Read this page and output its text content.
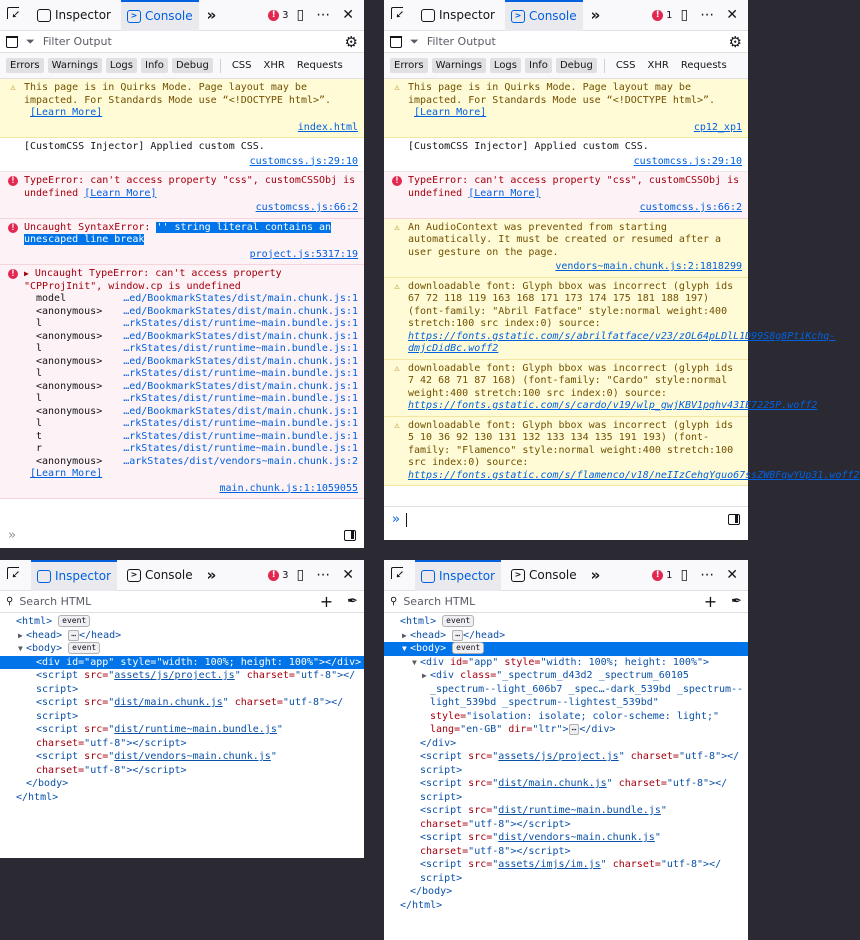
➚
Inspector	> Console »	! 3 ▯ ⋯ ✕
⏷ Filter Output	⚙
Errors	Warnings	Logs	Info	Debug	CSS	XHR	Requests
⚠ This page is in Quirks Mode. Page layout may be impacted. For Standards Mode use “<!DOCTYPE html>”. [Learn More]
index.html
[CustomCSS Injector] Applied custom CSS.
customcss.js:29:10
! TypeError: can't access property "css", customCSSObj is undefined [Learn More]
customcss.js:66:2
! Uncaught SyntaxError: '' string literal contains an unescaped line break
project.js:5317:19
! ▶ Uncaught TypeError: can't access property "CPProjInit", window.cp is undefined
model	…ed/BookmarkStates/dist/main.chunk.js:1
<anonymous>	…ed/BookmarkStates/dist/main.chunk.js:1
l	…rkStates/dist/runtime~main.bundle.js:1
<anonymous>	…ed/BookmarkStates/dist/main.chunk.js:1
l	…rkStates/dist/runtime~main.bundle.js:1
<anonymous>	…ed/BookmarkStates/dist/main.chunk.js:1
l	…rkStates/dist/runtime~main.bundle.js:1
<anonymous>	…ed/BookmarkStates/dist/main.chunk.js:1
l	…rkStates/dist/runtime~main.bundle.js:1
<anonymous>	…ed/BookmarkStates/dist/main.chunk.js:1
l	…rkStates/dist/runtime~main.bundle.js:1
t	…rkStates/dist/runtime~main.bundle.js:1
r	…rkStates/dist/runtime~main.bundle.js:1
<anonymous>	…arkStates/dist/vendors~main.chunk.js:2
[Learn More]
main.chunk.js:1:1059055
»
➚
Inspector	> Console »	! 1 ▯ ⋯ ✕
⏷ Filter Output	⚙
Errors	Warnings	Logs	Info	Debug	CSS	XHR	Requests
⚠ This page is in Quirks Mode. Page layout may be impacted. For Standards Mode use “<!DOCTYPE html>”. [Learn More]
cp12_xp1
[CustomCSS Injector] Applied custom CSS.
customcss.js:29:10
! TypeError: can't access property "css", customCSSObj is undefined [Learn More]
customcss.js:66:2
⚠ An AudioContext was prevented from starting automatically. It must be created or resumed after a user gesture on the page.
vendors~main.chunk.js:2:1818299
⚠ downloadable font: Glyph bbox was incorrect (glyph ids 67 72 118 119 163 168 171 173 174 175 181 188 197) (font-family: "Abril Fatface" style:normal weight:400 stretch:100 src index:0) source: https://fonts.gstatic.com/s/abrilfatface/v23/zOL64pLDlL1D99S8g8PtiKchq-dmjcDidBc.woff2
⚠ downloadable font: Glyph bbox was incorrect (glyph ids 7 42 68 71 87 168) (font-family: "Cardo" style:normal weight:400 stretch:100 src index:0) source: https://fonts.gstatic.com/s/cardo/v19/wlp_gwjKBV1pqhv43IE7225P.woff2
⚠ downloadable font: Glyph bbox was incorrect (glyph ids 5 10 36 92 130 131 132 133 134 135 191 193) (font-family: "Flamenco" style:normal weight:400 stretch:100 src index:0) source: https://fonts.gstatic.com/s/flamenco/v18/neIIzCehqYguo67ssZWBFqwYUp31.woff2
»
➚
Inspector	> Console »	! 3 ▯ ⋯ ✕
⚲ Search HTML	+ ✒
<html> event
▶ <head> ⋯ </head>
▼ <body> event
<div id="app" style="width: 100%; height: 100%"></div>
<script src="assets/js/project.js" charset="utf-8"></
script>
<script src="dist/main.chunk.js" charset="utf-8"></
script>
<script src="dist/runtime~main.bundle.js"
charset="utf-8"></script>
<script src="dist/vendors~main.chunk.js"
charset="utf-8"></script>
</body>
</html>
➚
Inspector	> Console »	! 1 ▯ ⋯ ✕
⚲ Search HTML	+ ✒
<html> event
▶ <head> ⋯ </head>
▼ <body> event
▼ <div id="app" style="width: 100%; height: 100%">
▶ <div class="_spectrum_d43d2 _spectrum_60105
_spectrum--light_606b7 _spec…-dark_539bd _spectrum--
light_539bd _spectrum--lightest_539bd"
style="isolation: isolate; color-scheme: light;"
lang="en-GB" dir="ltr"> ⋯ </div>
</div>
<script src="assets/js/project.js" charset="utf-8"></
script>
<script src="dist/main.chunk.js" charset="utf-8"></
script>
<script src="dist/runtime~main.bundle.js"
charset="utf-8"></script>
<script src="dist/vendors~main.chunk.js"
charset="utf-8"></script>
<script src="assets/imjs/im.js" charset="utf-8"></
script>
</body>
</html>
